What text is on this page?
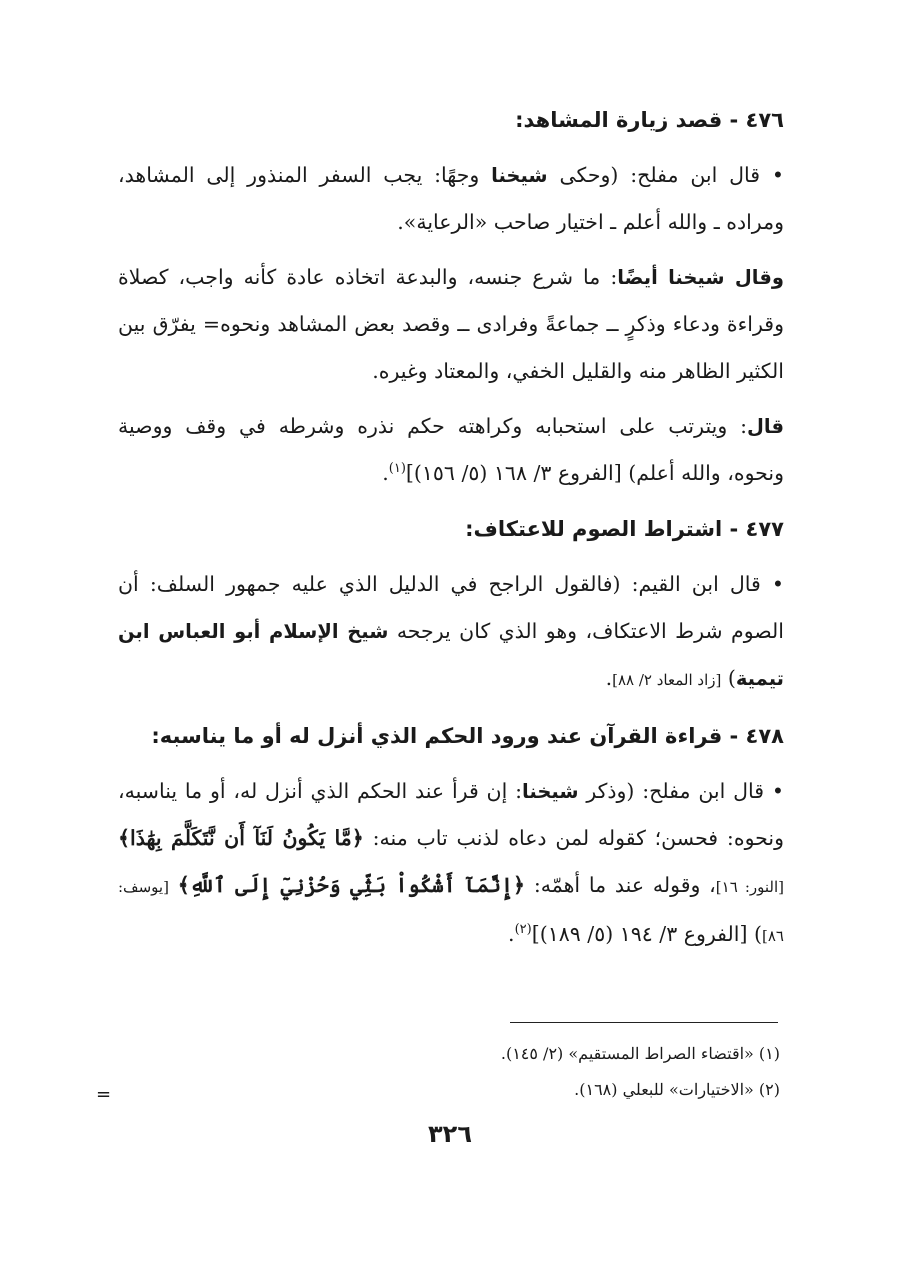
٤٧٦ - قصد زيارة المشاهد:

• قال ابن مفلح: (وحكى شيخنا وجهًا: يجب السفر المنذور إلى المشاهد، ومراده ـ والله أعلم ـ اختيار صاحب «الرعاية».

وقال شيخنا أيضًا: ما شرع جنسه، والبدعة اتخاذه عادة كأنه واجب، كصلاة وقراءة ودعاء وذكرٍ ــ جماعةً وفرادى ــ وقصد بعض المشاهد ونحوه= يفرّق بين الكثير الظاهر منه والقليل الخفي، والمعتاد وغيره.

قال: ويترتب على استحبابه وكراهته حكم نذره وشرطه في وقف ووصية ونحوه، والله أعلم) [الفروع ٣/ ١٦٨ (٥/ ١٥٦)]$^{(١)}$.

٤٧٧ - اشتراط الصوم للاعتكاف:

• قال ابن القيم: (فالقول الراجح في الدليل الذي عليه جمهور السلف: أن الصوم شرط الاعتكاف، وهو الذي كان يرجحه شيخ الإسلام أبو العباس ابن تيمية) [زاد المعاد ٢/ ٨٨].

٤٧٨ - قراءة القرآن عند ورود الحكم الذي أنزل له أو ما يناسبه:

• قال ابن مفلح: (وذكر شيخنا: إن قرأ عند الحكم الذي أنزل له، أو ما يناسبه، ونحوه: فحسن؛ كقوله لمن دعاه لذنب تاب منه: ﴿مَّا يَكُونُ لَنَآ أَن نَّتَكَلَّمَ بِهَٰذَا﴾ [النور: ١٦]، وقوله عند ما أهمّه: ﴿إِنَّمَآ أَشْكُواْ بَثِّي وَحُزْنِيٓ إِلَى ٱللَّهِ﴾ [يوسف: ٨٦]) [الفروع ٣/ ١٩٤ (٥/ ١٨٩)]$^{(٢)}$.

(١) «اقتضاء الصراط المستقيم» (٢/ ١٤٥).
(٢) «الاختيارات» للبعلي (١٦٨).
=
٣٢٦
